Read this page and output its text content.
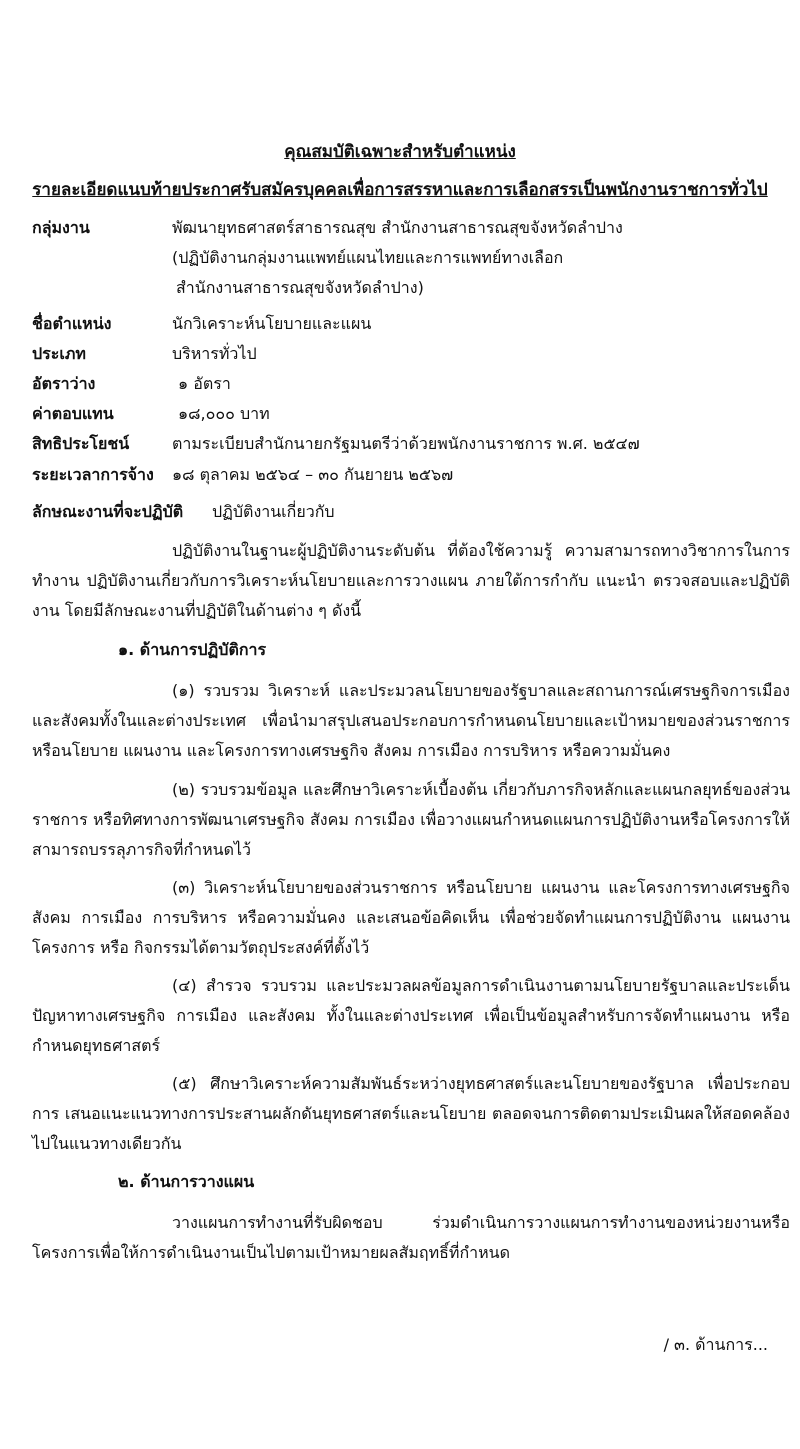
คุณสมบัติเฉพาะสำหรับตำแหน่ง
รายละเอียดแนบท้ายประกาศรับสมัครบุคคลเพื่อการสรรหาและการเลือกสรรเป็นพนักงานราชการทั่วไป
กลุ่มงาน	พัฒนายุทธศาสตร์สาธารณสุข สำนักงานสาธารณสุขจังหวัดลำปาง
(ปฏิบัติงานกลุ่มงานแพทย์แผนไทยและการแพทย์ทางเลือก
สำนักงานสาธารณสุขจังหวัดลำปาง)
ชื่อตำแหน่ง	นักวิเคราะห์นโยบายและแผน
ประเภท	บริหารทั่วไป
อัตราว่าง	๑ อัตรา
ค่าตอบแทน	๑๘,๐๐๐ บาท
สิทธิประโยชน์	ตามระเบียบสำนักนายกรัฐมนตรีว่าด้วยพนักงานราชการ พ.ศ. ๒๕๔๗
ระยะเวลาการจ้าง ๑๘ ตุลาคม ๒๕๖๔ – ๓๐ กันยายน ๒๕๖๗
ลักษณะงานที่จะปฏิบัติ ปฏิบัติงานเกี่ยวกับ
ปฏิบัติงานในฐานะผู้ปฏิบัติงานระดับต้น ที่ต้องใช้ความรู้ ความสามารถทางวิชาการในการทำงาน ปฏิบัติงานเกี่ยวกับการวิเคราะห์นโยบายและการวางแผน ภายใต้การกำกับ แนะนำ ตรวจสอบและปฏิบัติงาน โดยมีลักษณะงานที่ปฏิบัติในด้านต่าง ๆ ดังนี้
๑. ด้านการปฏิบัติการ
(๑) รวบรวม วิเคราะห์ และประมวลนโยบายของรัฐบาลและสถานการณ์เศรษฐกิจการเมืองและสังคมทั้งในและต่างประเทศ เพื่อนำมาสรุปเสนอประกอบการกำหนดนโยบายและเป้าหมายของส่วนราชการ หรือนโยบาย แผนงาน และโครงการทางเศรษฐกิจ สังคม การเมือง การบริหาร หรือความมั่นคง
(๒) รวบรวมข้อมูล และศึกษาวิเคราะห์เบื้องต้น เกี่ยวกับภารกิจหลักและแผนกลยุทธ์ของส่วนราชการ หรือทิศทางการพัฒนาเศรษฐกิจ สังคม การเมือง เพื่อวางแผนกำหนดแผนการปฏิบัติงานหรือโครงการให้สามารถบรรลุภารกิจที่กำหนดไว้
(๓) วิเคราะห์นโยบายของส่วนราชการ หรือนโยบาย แผนงาน และโครงการทางเศรษฐกิจสังคม การเมือง การบริหาร หรือความมั่นคง และเสนอข้อคิดเห็น เพื่อช่วยจัดทำแผนการปฏิบัติงาน แผนงานโครงการ หรือ กิจกรรมได้ตามวัตถุประสงค์ที่ตั้งไว้
(๔) สำรวจ รวบรวม และประมวลผลข้อมูลการดำเนินงานตามนโยบายรัฐบาลและประเด็นปัญหาทางเศรษฐกิจ การเมือง และสังคม ทั้งในและต่างประเทศ เพื่อเป็นข้อมูลสำหรับการจัดทำแผนงาน หรือกำหนดยุทธศาสตร์
(๕) ศึกษาวิเคราะห์ความสัมพันธ์ระหว่างยุทธศาสตร์และนโยบายของรัฐบาล เพื่อประกอบการ เสนอแนะแนวทางการประสานผลักดันยุทธศาสตร์และนโยบาย ตลอดจนการติดตามประเมินผลให้สอดคล้องไปในแนวทางเดียวกัน
๒. ด้านการวางแผน
วางแผนการทำงานที่รับผิดชอบ ร่วมดำเนินการวางแผนการทำงานของหน่วยงานหรือโครงการเพื่อให้การดำเนินงานเป็นไปตามเป้าหมายผลสัมฤทธิ์ที่กำหนด
/ ๓. ด้านการ...
